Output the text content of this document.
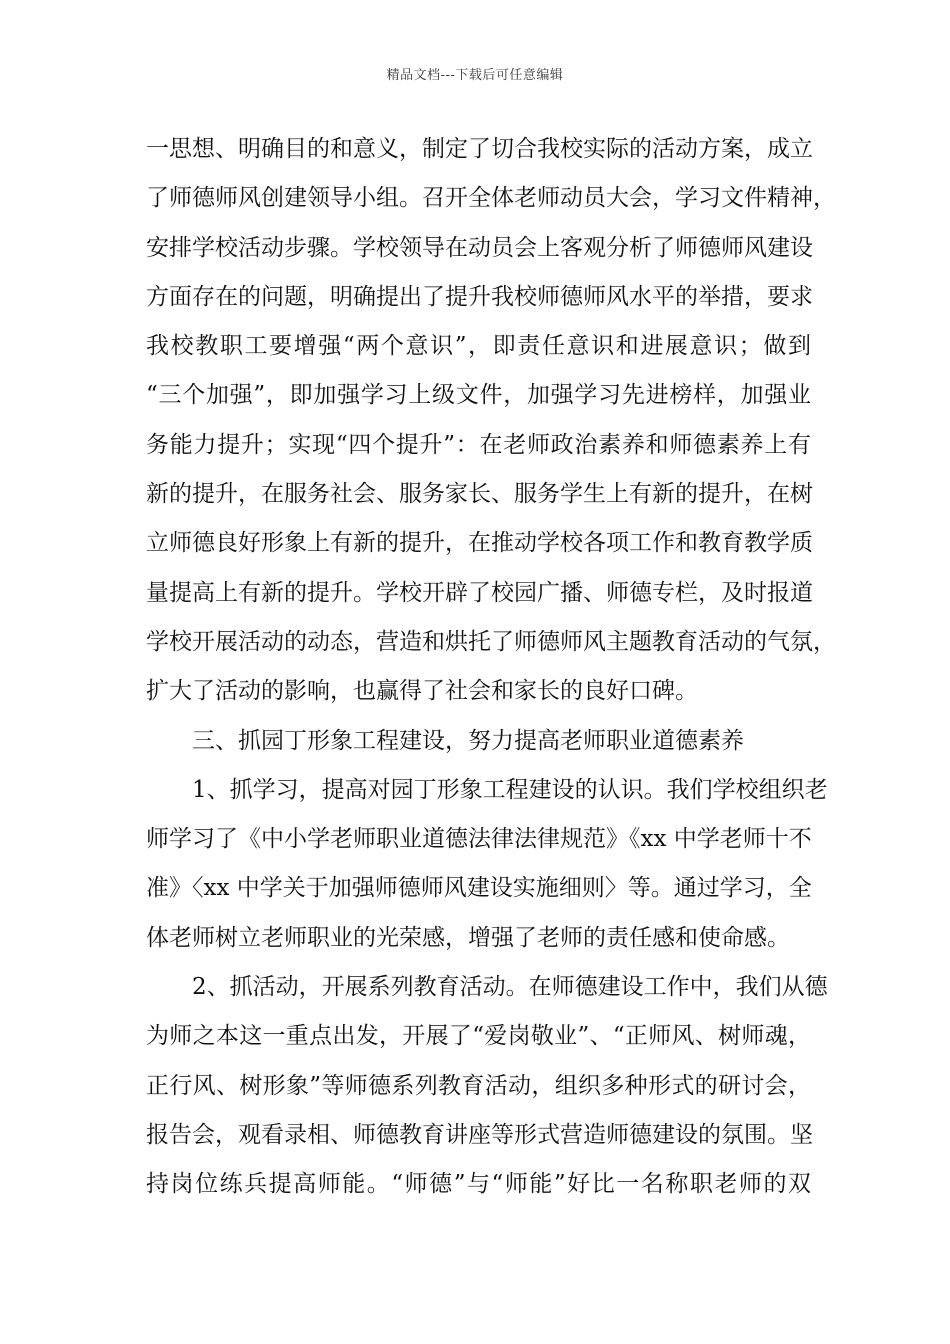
精品文档---下载后可任意编辑
一思想、明确目的和意义，制定了切合我校实际的活动方案，成立
了师德师风创建领导小组。召开全体老师动员大会，学习文件精神，
安排学校活动步骤。学校领导在动员会上客观分析了师德师风建设
方面存在的问题，明确提出了提升我校师德师风水平的举措，要求
我校教职工要增强“两个意识”，即责任意识和进展意识；做到
“三个加强”，即加强学习上级文件，加强学习先进榜样，加强业
务能力提升；实现“四个提升”：在老师政治素养和师德素养上有
新的提升，在服务社会、服务家长、服务学生上有新的提升，在树
立师德良好形象上有新的提升，在推动学校各项工作和教育教学质
量提高上有新的提升。学校开辟了校园广播、师德专栏，及时报道
学校开展活动的动态，营造和烘托了师德师风主题教育活动的气氛，
扩大了活动的影响，也赢得了社会和家长的良好口碑。
三、抓园丁形象工程建设，努力提高老师职业道德素养
1、抓学习，提高对园丁形象工程建设的认识。我们学校组织老
师学习了《中小学老师职业道德法律法律规范》《xx 中学老师十不
准》〈xx 中学关于加强师德师风建设实施细则〉等。通过学习，全
体老师树立老师职业的光荣感，增强了老师的责任感和使命感。
2、抓活动，开展系列教育活动。在师德建设工作中，我们从德
为师之本这一重点出发，开展了“爱岗敬业”、“正师风、树师魂，
正行风、树形象”等师德系列教育活动，组织多种形式的研讨会，
报告会，观看录相、师德教育讲座等形式营造师德建设的氛围。坚
持岗位练兵提高师能。“师德”与“师能”好比一名称职老师的双
